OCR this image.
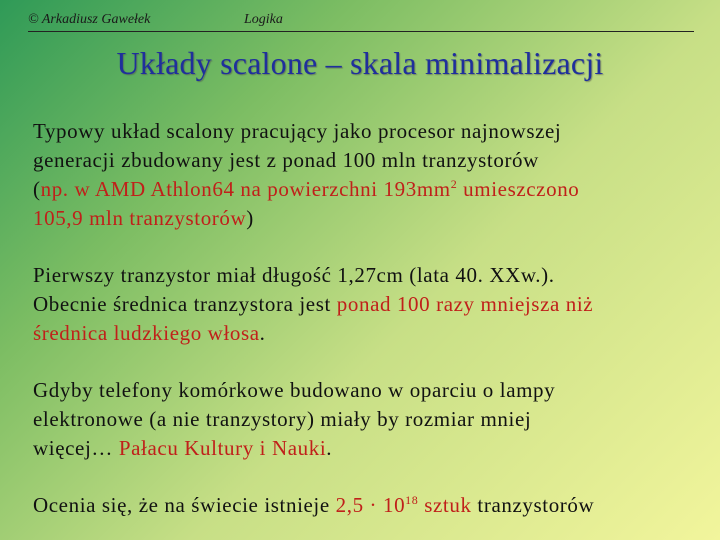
© Arkadiusz Gawełek	Logika
Układy scalone – skala minimalizacji
Typowy układ scalony pracujący jako procesor najnowszej
generacji zbudowany jest z ponad 100 mln tranzystorów
(np. w AMD Athlon64 na powierzchni $193mm^2$ umieszczono
105,9 mln tranzystorów)
Pierwszy tranzystor miał długość 1,27cm (lata 40. XXw.).
Obecnie średnica tranzystora jest ponad 100 razy mniejsza niż
średnica ludzkiego włosa.
Gdyby telefony komórkowe budowano w oparciu o lampy
elektronowe (a nie tranzystory) miały by rozmiar mniej
więcej… Pałacu Kultury i Nauki.
Ocenia się, że na świecie istnieje $2,5 \cdot 10^{18}$ sztuk tranzystorów
